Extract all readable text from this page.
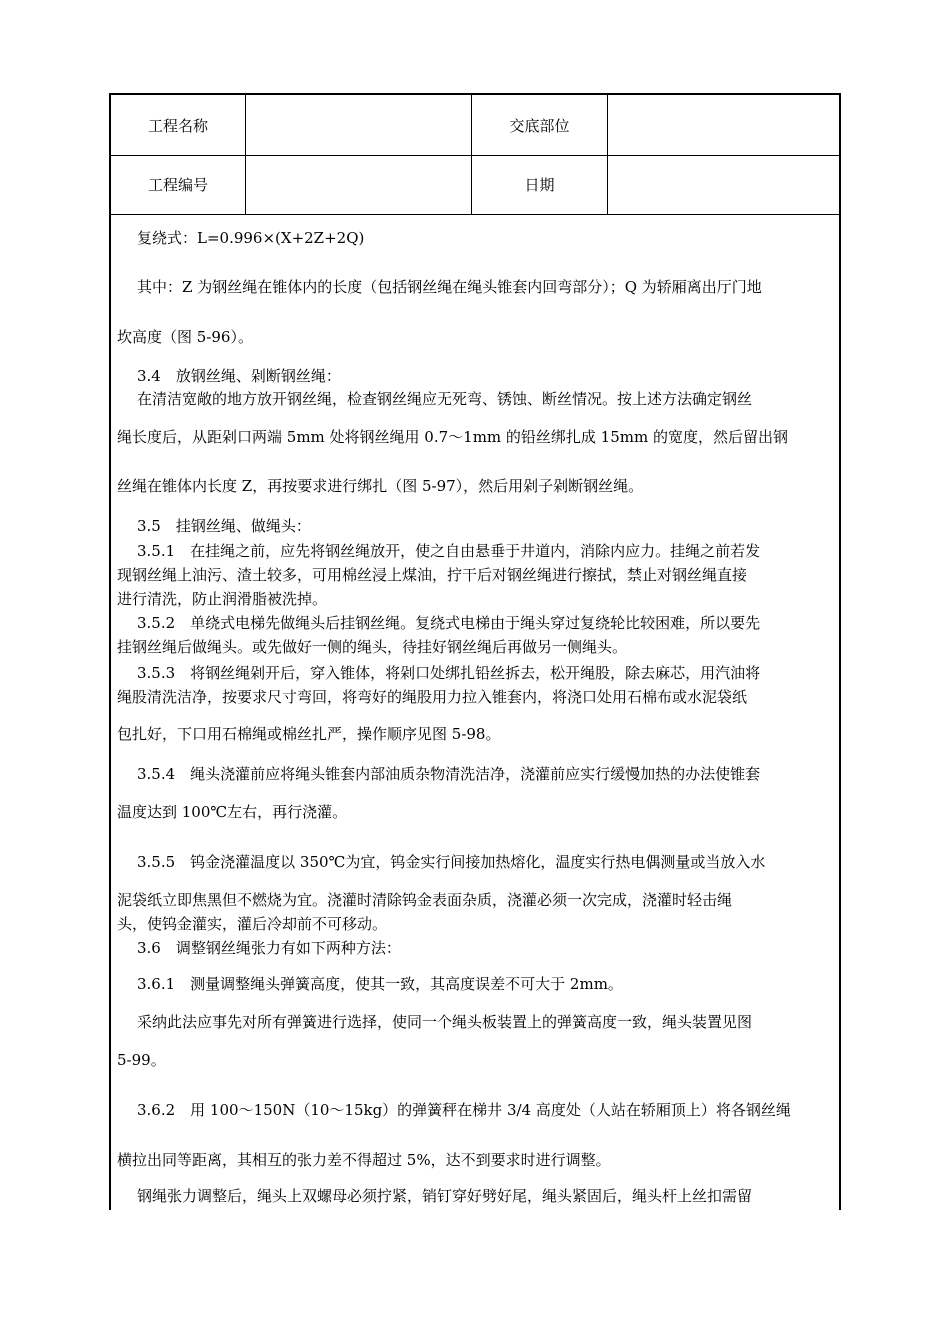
工程名称	交底部位
工程编号	日期
复绕式：L=0.996×(X+2Z+2Q)
其中：Z 为钢丝绳在锥体内的长度（包括钢丝绳在绳头锥套内回弯部分）；Q 为轿厢离出厅门地
坎高度（图 5-96）。
3.4　放钢丝绳、剁断钢丝绳：
在清洁宽敞的地方放开钢丝绳，检查钢丝绳应无死弯、锈蚀、断丝情况。按上述方法确定钢丝
绳长度后，从距剁口两端 5mm 处将钢丝绳用 0.7～1mm 的铅丝绑扎成 15mm 的宽度，然后留出钢
丝绳在锥体内长度 Z，再按要求进行绑扎（图 5-97），然后用剁子剁断钢丝绳。
3.5　挂钢丝绳、做绳头：
3.5.1　在挂绳之前，应先将钢丝绳放开，使之自由悬垂于井道内，消除内应力。挂绳之前若发
现钢丝绳上油污、渣土较多，可用棉丝浸上煤油，拧干后对钢丝绳进行擦拭，禁止对钢丝绳直接
进行清洗，防止润滑脂被洗掉。
3.5.2　单绕式电梯先做绳头后挂钢丝绳。复绕式电梯由于绳头穿过复绕轮比较困难，所以要先
挂钢丝绳后做绳头。或先做好一侧的绳头，待挂好钢丝绳后再做另一侧绳头。
3.5.3　将钢丝绳剁开后，穿入锥体，将剁口处绑扎铅丝拆去，松开绳股，除去麻芯，用汽油将
绳股清洗洁净，按要求尺寸弯回，将弯好的绳股用力拉入锥套内，将浇口处用石棉布或水泥袋纸
包扎好，下口用石棉绳或棉丝扎严，操作顺序见图 5-98。
3.5.4　绳头浇灌前应将绳头锥套内部油质杂物清洗洁净，浇灌前应实行缓慢加热的办法使锥套
温度达到 100℃左右，再行浇灌。
3.5.5　钨金浇灌温度以 350℃为宜，钨金实行间接加热熔化，温度实行热电偶测量或当放入水
泥袋纸立即焦黑但不燃烧为宜。浇灌时清除钨金表面杂质，浇灌必须一次完成，浇灌时轻击绳
头，使钨金灌实，灌后冷却前不可移动。
3.6　调整钢丝绳张力有如下两种方法：
3.6.1　测量调整绳头弹簧高度，使其一致，其高度误差不可大于 2mm。
采纳此法应事先对所有弹簧进行选择，使同一个绳头板装置上的弹簧高度一致，绳头装置见图
5-99。
3.6.2　用 100～150N（10～15kg）的弹簧秤在梯井 3/4 高度处（人站在轿厢顶上）将各钢丝绳
横拉出同等距离，其相互的张力差不得超过 5%，达不到要求时进行调整。
钢绳张力调整后，绳头上双螺母必须拧紧，销钉穿好劈好尾，绳头紧固后，绳头杆上丝扣需留
